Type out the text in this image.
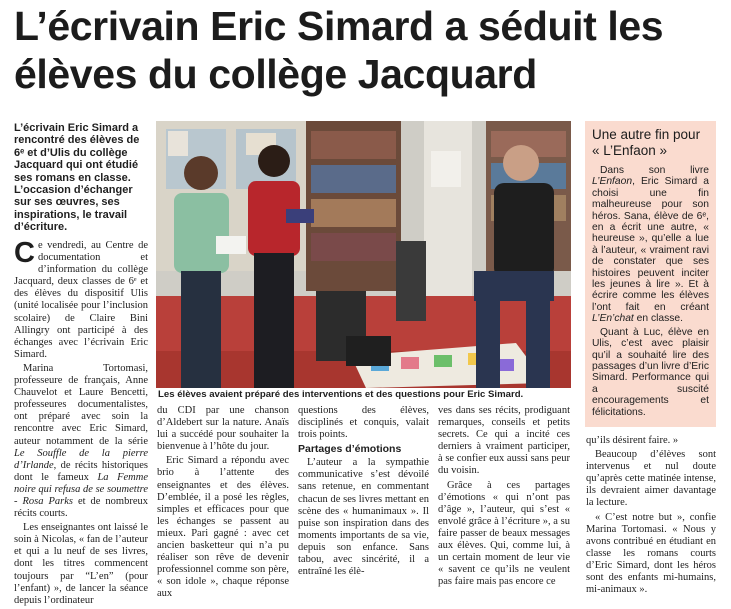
L’écrivain Eric Simard a séduit les élèves du collège Jacquard

L’écrivain Eric Simard a rencontré des élèves de 6ᵉ et d’Ulis du collège Jacquard qui ont étudié ses romans en classe. L’occasion d’échanger sur ses œuvres, ses inspirations, le travail d’écriture.

Ce vendredi, au Centre de documentation et d’information du collège Jacquard, deux classes de 6ᵉ et des élèves du dispositif Ulis (unité localisée pour l’inclusion scolaire) de Claire Bini Allingry ont participé à des échanges avec l’écrivain Eric Simard.

Marina Tortomasi, professeure de français, Anne Chauvelot et Laure Bencetti, professeures documentalistes, ont préparé avec soin la rencontre avec Eric Simard, auteur notamment de la série Le Souffle de la pierre d’Irlande, de récits historiques dont le fameux La Femme noire qui refusa de se soumettre - Rosa Parks et de nombreux récits courts.

Les enseignantes ont laissé le soin à Nicolas, « fan de l’auteur et qui a lu neuf de ses livres, dont les titres commencent toujours par “L’en” (pour l’enfant) », de lancer la séance depuis l’ordinateur

Les élèves avaient préparé des interventions et des questions pour Eric Simard.

du CDI par une chanson d’Aldebert sur la nature. Anaïs lui a succédé pour souhaiter la bienvenue à l’hôte du jour.

Eric Simard a répondu avec brio à l’attente des enseignantes et des élèves. D’emblée, il a posé les règles, simples et efficaces pour que les échanges se passent au mieux. Pari gagné : avec cet ancien basketteur qui n’a pu réaliser son rêve de devenir professionnel comme son père, « son idole », chaque réponse aux

questions des élèves, disciplinés et conquis, valait trois points.

Partages d’émotions

L’auteur a la sympathie communicative s’est dévoilé sans retenue, en commentant chacun de ses livres mettant en scène des « humanimaux ». Il puise son inspiration dans des moments importants de sa vie, depuis son enfance. Sans tabou, avec sincérité, il a entraîné les élè-

ves dans ses récits, prodiguant remarques, conseils et petits secrets. Ce qui a incité ces derniers à vraiment participer, à se confier eux aussi sans peur du voisin.

Grâce à ces partages d’émotions « qui n’ont pas d’âge », l’auteur, qui s’est « envolé grâce à l’écriture », a su faire passer de beaux messages aux élèves. Qui, comme lui, à un certain moment de leur vie « savent ce qu’ils ne veulent pas faire mais pas encore ce

Une autre fin pour « L’Enfaon »

Dans son livre L’Enfaon, Eric Simard a choisi une fin malheureuse pour son héros. Sana, élève de 6ᵉ, en a écrit une autre, « heureuse », qu’elle a lue à l’auteur, « vraiment ravi de constater que ses histoires peuvent inciter les jeunes à lire ». Et à écrire comme les élèves l’ont fait en créant L’En’chat en classe.

Quant à Luc, élève en Ulis, c’est avec plaisir qu’il a souhaité lire des passages d’un livre d’Eric Simard. Performance qui a suscité encouragements et félicitations.

qu’ils désirent faire. »

Beaucoup d’élèves sont intervenus et nul doute qu’après cette matinée intense, ils devraient aimer davantage la lecture.

« C’est notre but », confie Marina Tortomasi. « Nous y avons contribué en étudiant en classe les romans courts d’Eric Simard, dont les héros sont des enfants mi-humains, mi-animaux ».
